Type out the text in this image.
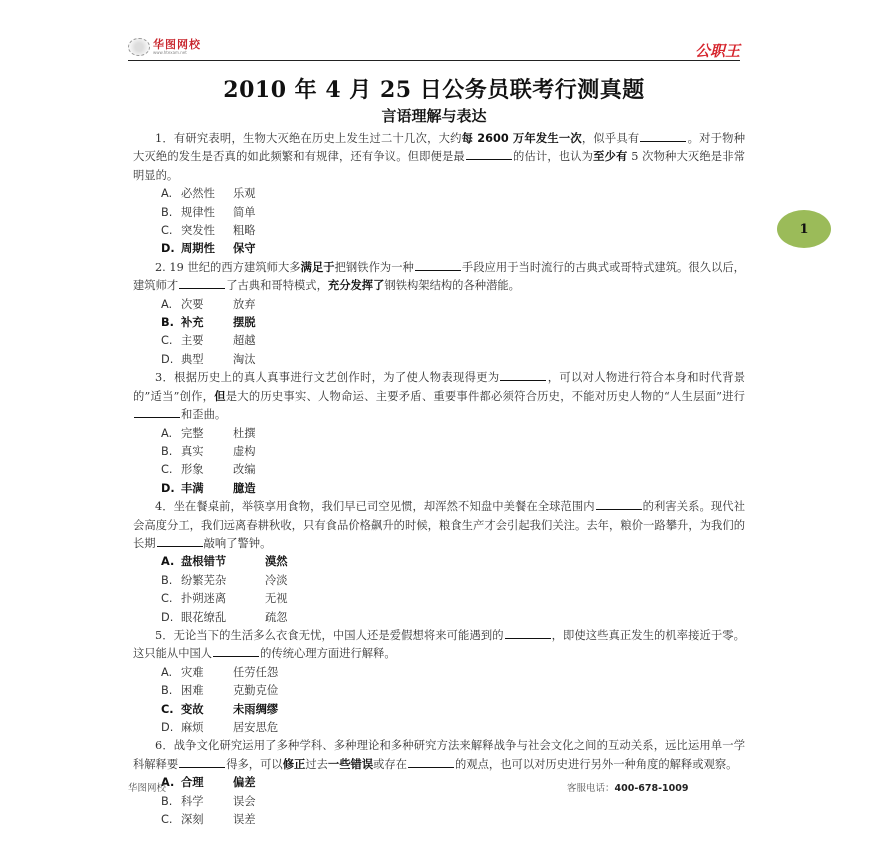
华图网校
www.htexam.net	公职王
2010 年 4 月 25 日公务员联考行测真题
言语理解与表达

1．有研究表明，生物大灭绝在历史上发生过二十几次，大约每 2600 万年发生一次，似乎具有	。对于物种大灭绝的发生是否真的如此频繁和有规律，还有争议。但即便是最	的估计，也认为至少有 5 次物种大灭绝是非常明显的。

A. 必然性 乐观

B. 规律性 简单

C. 突发性 粗略

D. 周期性 保守

2. 19 世纪的西方建筑师大多满足于把钢铁作为一种	手段应用于当时流行的古典式或哥特式建筑。很久以后，建筑师才	了古典和哥特模式，充分发挥了钢铁构架结构的各种潜能。

A. 次要	放弃

B. 补充	摆脱

C. 主要	超越

D. 典型	淘汰

3．根据历史上的真人真事进行文艺创作时，为了使人物表现得更为	，可以对人物进行符合本身和时代背景的”适当”创作，但是大的历史事实、人物命运、主要矛盾、重要事件都必须符合历史，不能对历史人物的“人生层面”进行和歪曲。

A. 完整	杜撰

B. 真实	虚构

C. 形象	改编

D. 丰满	臆造

4．坐在餐桌前，举筷享用食物，我们早已司空见惯，却浑然不知盘中美餐在全球范围内	的利害关系。现代社会高度分工，我们远离春耕秋收，只有食品价格飙升的时候，粮食生产才会引起我们关注。去年，粮价一路攀升，为我们的长期	敲响了警钟。

A. 盘根错节	漠然

B. 纷繁芜杂	冷淡

C. 扑朔迷离	无视

D. 眼花缭乱	疏忽

5．无论当下的生活多么衣食无忧，中国人还是爱假想将来可能遇到的	，即使这些真正发生的机率接近于零。这只能从中国人	的传统心理方面进行解释。

A. 灾难	任劳任怨

B. 困难	克勤克俭

C. 变故	未雨绸缪

D. 麻烦	居安思危

6．战争文化研究运用了多种学科、多种理论和多种研究方法来解释战争与社会文化之间的互动关系，远比运用单一学科解释要	得多，可以修正过去一些错误或存在	的观点，也可以对历史进行另外一种角度的解释或观察。

A. 合理	偏差

B. 科学	误会

C. 深刻	误差

1
华图网校	客服电话：400-678-1009
